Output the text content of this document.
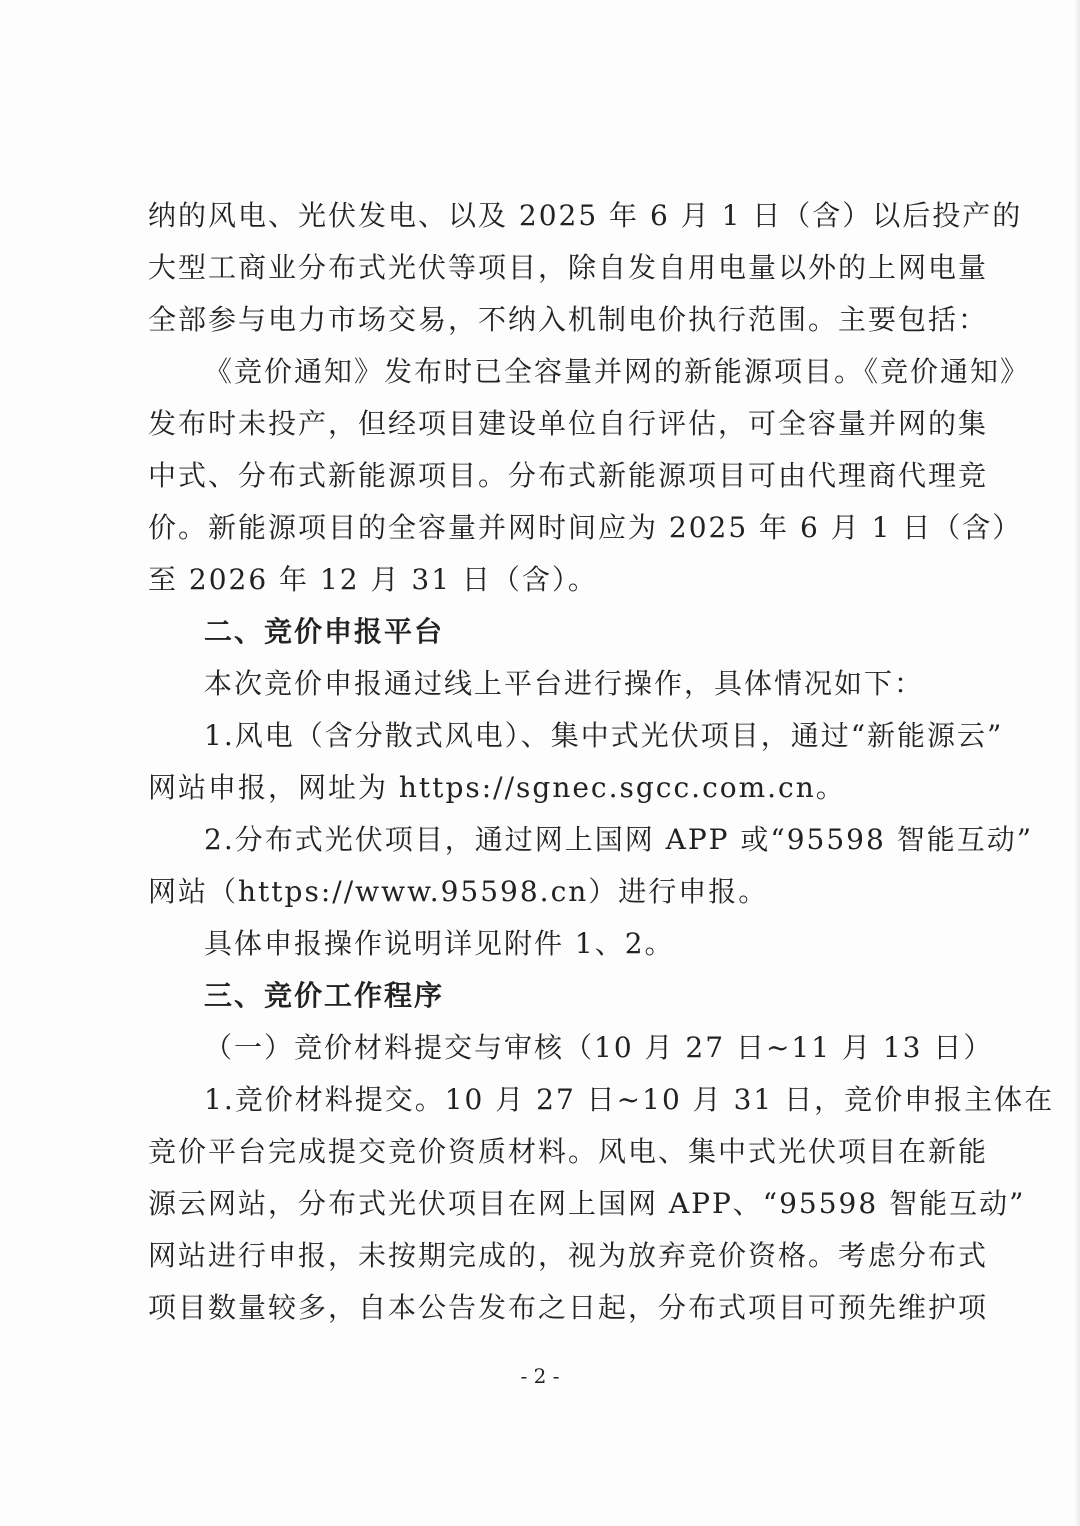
纳的风电、光伏发电、以及 2025 年 6 月 1 日（含）以后投产的
大型工商业分布式光伏等项目，除自发自用电量以外的上网电量
全部参与电力市场交易，不纳入机制电价执行范围。主要包括：
《竞价通知》发布时已全容量并网的新能源项目。《竞价通知》
发布时未投产，但经项目建设单位自行评估，可全容量并网的集
中式、分布式新能源项目。分布式新能源项目可由代理商代理竞
价。新能源项目的全容量并网时间应为 2025 年 6 月 1 日（含）
至 2026 年 12 月 31 日（含）。
二、竞价申报平台
本次竞价申报通过线上平台进行操作，具体情况如下：
1.风电（含分散式风电）、集中式光伏项目，通过“新能源云”
网站申报，网址为 https://sgnec.sgcc.com.cn。
2.分布式光伏项目，通过网上国网 APP 或“95598 智能互动”
网站（https://www.95598.cn）进行申报。
具体申报操作说明详见附件 1、2。
三、竞价工作程序
（一）竞价材料提交与审核（10 月 27 日~11 月 13 日）
1.竞价材料提交。10 月 27 日~10 月 31 日，竞价申报主体在
竞价平台完成提交竞价资质材料。风电、集中式光伏项目在新能
源云网站，分布式光伏项目在网上国网 APP、“95598 智能互动”
网站进行申报，未按期完成的，视为放弃竞价资格。考虑分布式
项目数量较多，自本公告发布之日起，分布式项目可预先维护项
- 2 -
